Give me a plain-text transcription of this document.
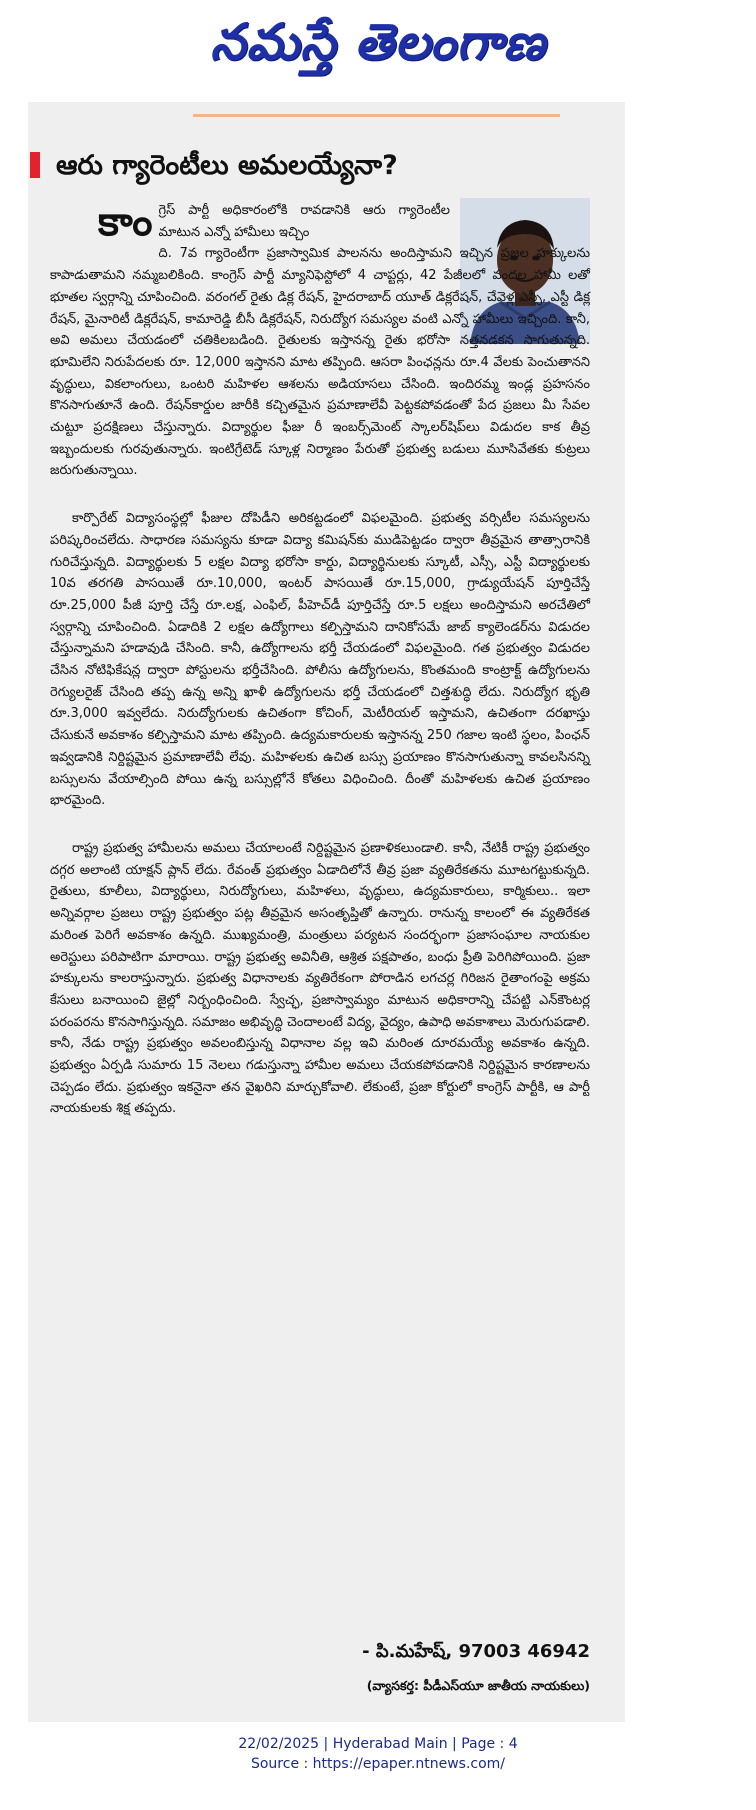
నమస్తే తెలంగాణ
ఆరు గ్యారెంటీలు అమలయ్యేనా?
కాంగ్రెస్ పార్టీ అధికారంలోకి రావడానికి ఆరు గ్యారెంటీల మాటున ఎన్నో హామీలు ఇచ్చిం
ది. 7వ గ్యారెంటీగా ప్రజాస్వామిక పాలనను అందిస్తామని ఇచ్చిన ప్రజల హక్కులను కాపాడుతామని నమ్మబలికింది. కాంగ్రెస్ పార్టీ మ్యానిఫెస్టోలో 4 చాప్టర్లు, 42 పేజీలలో వందల హామీ లతో భూతల స్వర్గాన్ని చూపించింది. వరంగల్ రైతు డిక్ల రేషన్, హైదరాబాద్ యూత్ డిక్లరేషన్, చేవెళ్ల ఎస్సీ, ఎస్టీ డిక్ల రేషన్, మైనారిటీ డిక్లరేషన్, కామారెడ్డి బీసీ డిక్లరేషన్, నిరుద్యోగ సమస్యల వంటి ఎన్నో హామీలు ఇచ్చింది. కానీ, అవి అమలు చేయడంలో చతికిలబడింది. రైతులకు ఇస్తానన్న రైతు భరోసా నత్తనడకన సాగుతున్నది. భూమిలేని నిరుపేదలకు రూ. 12,000 ఇస్తానని మాట తప్పింది. ఆసరా పింఛన్లను రూ.4 వేలకు పెంచుతానని వృద్ధులు, వికలాంగులు, ఒంటరి మహిళల ఆశలను అడియాసలు చేసింది. ఇందిరమ్మ ఇండ్ల ప్రహసనం కొనసాగుతూనే ఉంది. రేషన్‌కార్డుల జారీకి కచ్చితమైన ప్రమాణాలేవీ పెట్టకపోవడంతో పేద ప్రజలు మీ సేవల చుట్టూ ప్రదక్షిణలు చేస్తున్నారు. విద్యార్థుల ఫీజు రీ ఇంబర్స్‌మెంట్ స్కాలర్‌షిప్‌లు విడుదల కాక తీవ్ర ఇబ్బందులకు గురవుతున్నారు. ఇంటిగ్రేటెడ్ స్కూళ్ల నిర్మాణం పేరుతో ప్రభుత్వ బడులు మూసివేతకు కుట్రలు జరుగుతున్నాయి.

కార్పొరేట్ విద్యాసంస్థల్లో ఫీజుల దోపిడీని అరికట్టడంలో విఫలమైంది. ప్రభుత్వ వర్సిటీల సమస్యలను పరిష్కరించలేదు. సాధారణ సమస్యను కూడా విద్యా కమిషన్‌కు ముడిపెట్టడం ద్వారా తీవ్రమైన తాత్సారానికి గురిచేస్తున్నది. విద్యార్థులకు 5 లక్షల విద్యా భరోసా కార్డు, విద్యార్థినులకు స్కూటీ, ఎస్సీ, ఎస్టీ విద్యార్థులకు 10వ తరగతి పాసయితే రూ.10,000, ఇంటర్ పాసయితే రూ.15,000, గ్రాడ్యుయేషన్ పూర్తిచేస్తే రూ.25,000 పీజీ పూర్తి చేస్తే రూ.లక్ష, ఎంఫిల్, పీహెచ్‌డీ పూర్తిచేస్తే రూ.5 లక్షలు అందిస్తామని అరచేతిలో స్వర్గాన్ని చూపించింది. ఏడాదికి 2 లక్షల ఉద్యోగాలు కల్పిస్తామని దానికోసమే జాబ్ క్యాలెండర్‌ను విడుదల చేస్తున్నామని హడావుడి చేసింది. కానీ, ఉద్యోగాలను భర్తీ చేయడంలో విఫలమైంది. గత ప్రభుత్వం విడుదల చేసిన నోటిఫికేషన్ల ద్వారా పోస్టులను భర్తీచేసింది. పోలీసు ఉద్యోగులను, కొంతమంది కాంట్రాక్ట్ ఉద్యోగులను రెగ్యులరైజ్ చేసింది తప్ప ఉన్న అన్ని ఖాళీ ఉద్యోగులను భర్తీ చేయడంలో చిత్తశుద్ధి లేదు. నిరుద్యోగ భృతి రూ.3,000 ఇవ్వలేదు. నిరుద్యోగులకు ఉచితంగా కోచింగ్, మెటీరియల్ ఇస్తామని, ఉచితంగా దరఖాస్తు చేసుకునే అవకాశం కల్పిస్తామని మాట తప్పింది. ఉద్యమకారులకు ఇస్తానన్న 250 గజాల ఇంటి స్థలం, పింఛన్ ఇవ్వడానికి నిర్దిష్టమైన ప్రమాణాలేవీ లేవు. మహిళలకు ఉచిత బస్సు ప్రయాణం కొనసాగుతున్నా కావలసినన్ని బస్సులను వేయాల్సింది పోయి ఉన్న బస్సుల్లోనే కోతలు విధించింది. దీంతో మహిళలకు ఉచిత ప్రయాణం భారమైంది.

రాష్ట్ర ప్రభుత్వ హామీలను అమలు చేయాలంటే నిర్దిష్టమైన ప్రణాళికలుండాలి. కానీ, నేటికీ రాష్ట్ర ప్రభుత్వం దగ్గర అలాంటి యాక్షన్ ప్లాన్ లేదు. రేవంత్ ప్రభుత్వం ఏడాదిలోనే తీవ్ర ప్రజా వ్యతిరేకతను మూటగట్టుకున్నది. రైతులు, కూలీలు, విద్యార్థులు, నిరుద్యోగులు, మహిళలు, వృద్ధులు, ఉద్యమకారులు, కార్మికులు.. ఇలా అన్నివర్గాల ప్రజలు రాష్ట్ర ప్రభుత్వం పట్ల తీవ్రమైన అసంతృప్తితో ఉన్నారు. రానున్న కాలంలో ఈ వ్యతిరేకత మరింత పెరిగే అవకాశం ఉన్నది. ముఖ్యమంత్రి, మంత్రులు పర్యటన సందర్భంగా ప్రజాసంఘాల నాయకుల అరెస్టులు పరిపాటిగా మారాయి. రాష్ట్ర ప్రభుత్వ అవినీతి, ఆశ్రిత పక్షపాతం, బంధు ప్రీతి పెరిగిపోయింది. ప్రజా హక్కులను కాలరాస్తున్నారు. ప్రభుత్వ విధానాలకు వ్యతిరేకంగా పోరాడిన లగచర్ల గిరిజన రైతాంగంపై అక్రమ కేసులు బనాయించి జైల్లో నిర్బంధించింది. స్వేచ్ఛ, ప్రజాస్వామ్యం మాటున అధికారాన్ని చేపట్టి ఎన్‌కౌంటర్ల పరంపరను కొనసాగిస్తున్నది. సమాజం అభివృద్ధి చెందాలంటే విద్య, వైద్యం, ఉపాధి అవకాశాలు మెరుగుపడాలి. కానీ, నేడు రాష్ట్ర ప్రభుత్వం అవలంబిస్తున్న విధానాల వల్ల ఇవి మరింత దూరమయ్యే అవకాశం ఉన్నది. ప్రభుత్వం ఏర్పడి సుమారు 15 నెలలు గడుస్తున్నా హామీల అమలు చేయకపోవడానికి నిర్దిష్టమైన కారణాలను చెప్పడం లేదు. ప్రభుత్వం ఇకనైనా తన వైఖరిని మార్చుకోవాలి. లేకుంటే, ప్రజా కోర్టులో కాంగ్రెస్ పార్టీకి, ఆ పార్టీ నాయకులకు శిక్ష తప్పదు.

- పి.మహేష్, 97003 46942
(వ్యాసకర్త: పీడీఎస్‌యూ జాతీయ నాయకులు)
22/02/2025 | Hyderabad Main | Page : 4
Source : https://epaper.ntnews.com/
